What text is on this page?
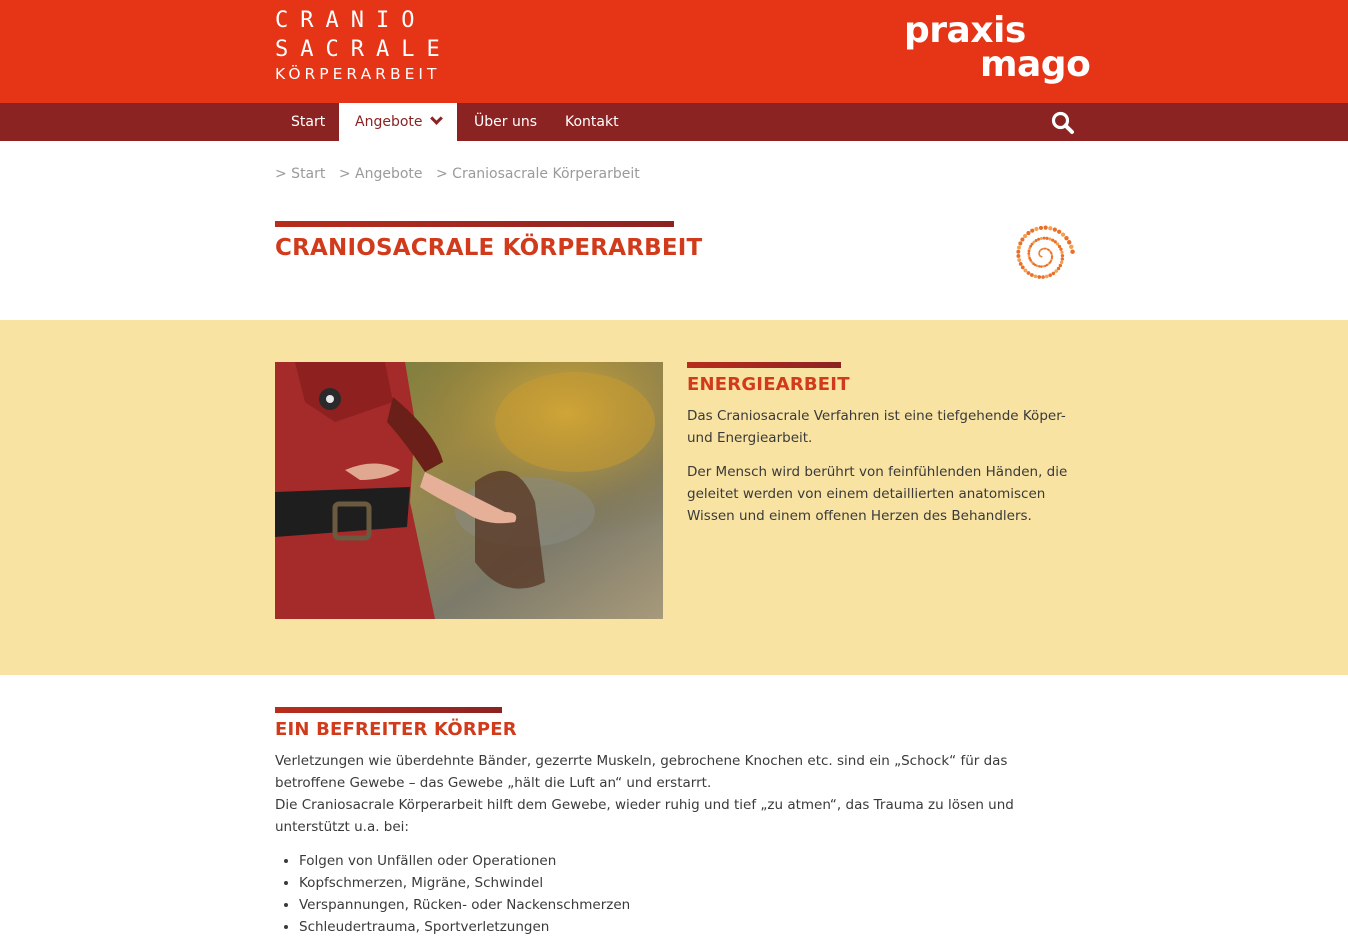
CRANIO
SACRALE
KÖRPERARBEIT
praxis
mago
Start	Angebote	Über uns	Kontakt
> Start > Angebote > Craniosacrale Körperarbeit
CRANIOSACRALE KÖRPERARBEIT
ENERGIEARBEIT

Das Craniosacrale Verfahren ist eine tiefgehende Köper- und Energiearbeit.

Der Mensch wird berührt von feinfühlenden Händen, die geleitet werden von einem detaillierten anatomiscen Wissen und einem offenen Herzen des Behandlers.

EIN BEFREITER KÖRPER

Verletzungen wie überdehnte Bänder, gezerrte Muskeln, gebrochene Knochen etc. sind ein „Schock“ für das betroffene Gewebe – das Gewebe „hält die Luft an“ und erstarrt.

Die Craniosacrale Körperarbeit hilft dem Gewebe, wieder ruhig und tief „zu atmen“, das Trauma zu lösen und unterstützt u.a. bei:

• Folgen von Unfällen oder Operationen
• Kopfschmerzen, Migräne, Schwindel
• Verspannungen, Rücken- oder Nackenschmerzen
• Schleudertrauma, Sportverletzungen
